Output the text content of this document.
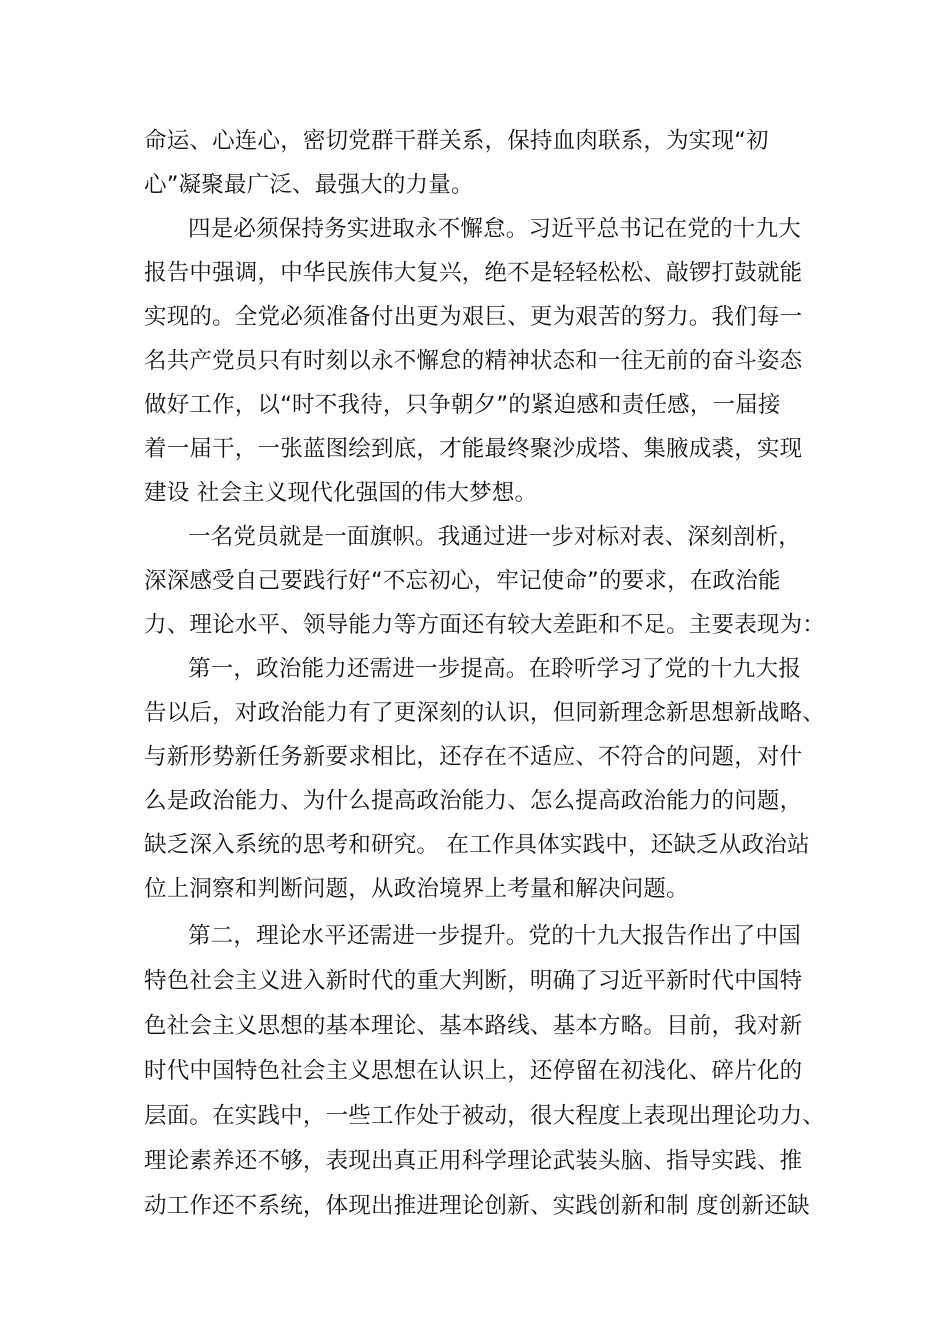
命运、心连心，密切党群干群关系，保持血肉联系，为实现“初
心”凝聚最广泛、最强大的力量。
四是必须保持务实进取永不懈怠。习近平总书记在党的十九大
报告中强调，中华民族伟大复兴，绝不是轻轻松松、敲锣打鼓就能
实现的。全党必须准备付出更为艰巨、更为艰苦的努力。我们每一
名共产党员只有时刻以永不懈怠的精神状态和一往无前的奋斗姿态
做好工作，以“时不我待，只争朝夕”的紧迫感和责任感，一届接
着一届干，一张蓝图绘到底，才能最终聚沙成塔、集腋成裘，实现
建设 社会主义现代化强国的伟大梦想。
一名党员就是一面旗帜。我通过进一步对标对表、深刻剖析，
深深感受自己要践行好“不忘初心，牢记使命”的要求，在政治能
力、理论水平、领导能力等方面还有较大差距和不足。主要表现为：
第一，政治能力还需进一步提高。在聆听学习了党的十九大报
告以后，对政治能力有了更深刻的认识，但同新理念新思想新战略、
与新形势新任务新要求相比，还存在不适应、不符合的问题，对什
么是政治能力、为什么提高政治能力、怎么提高政治能力的问题，
缺乏深入系统的思考和研究。 在工作具体实践中，还缺乏从政治站
位上洞察和判断问题，从政治境界上考量和解决问题。
第二，理论水平还需进一步提升。党的十九大报告作出了中国
特色社会主义进入新时代的重大判断，明确了习近平新时代中国特
色社会主义思想的基本理论、基本路线、基本方略。目前，我对新
时代中国特色社会主义思想在认识上，还停留在初浅化、碎片化的
层面。在实践中，一些工作处于被动，很大程度上表现出理论功力、
理论素养还不够，表现出真正用科学理论武装头脑、指导实践、推
动工作还不系统，体现出推进理论创新、实践创新和制 度创新还缺
